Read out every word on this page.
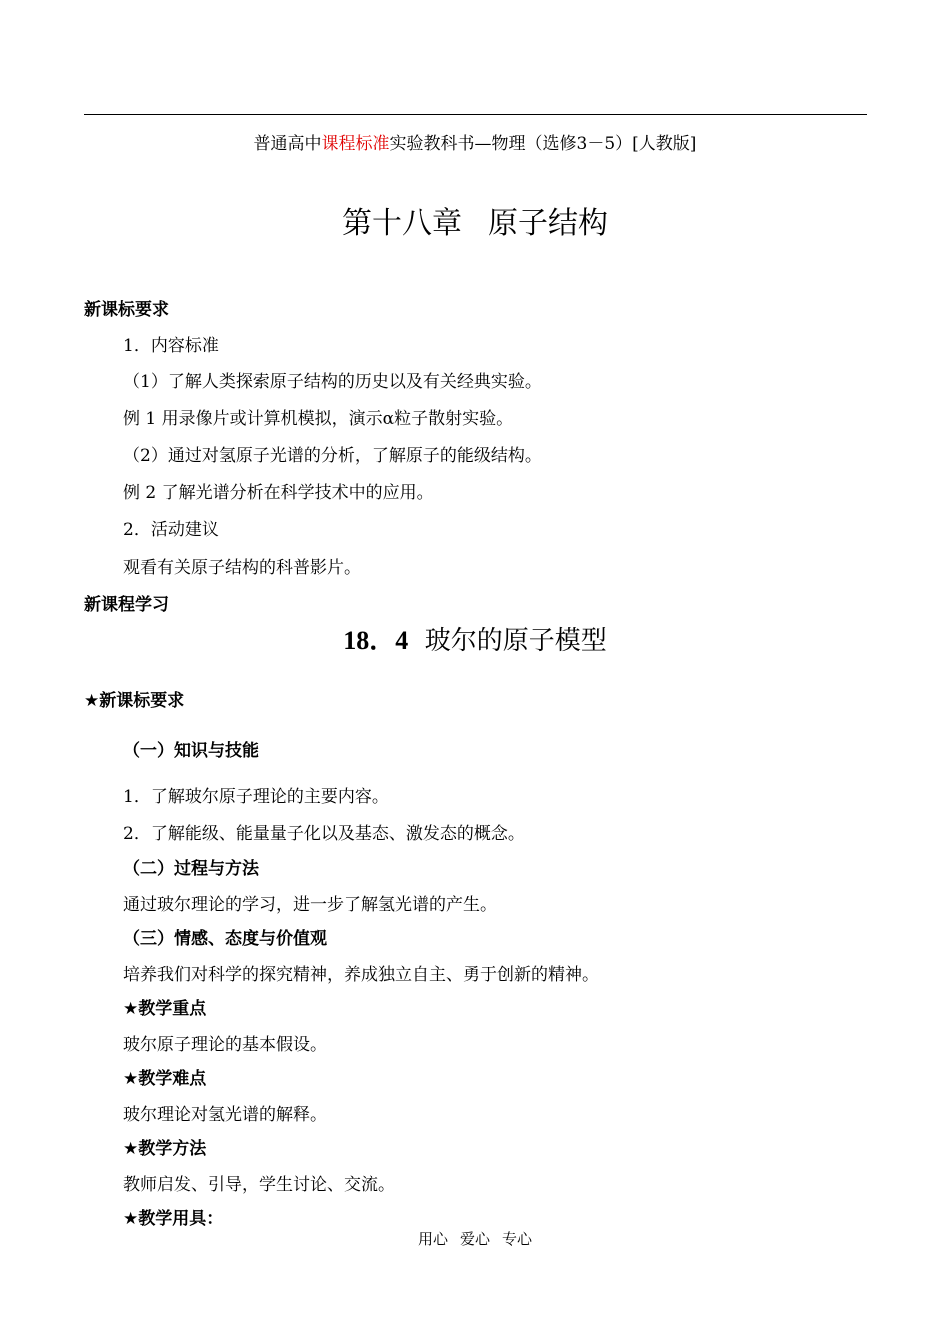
普通高中课程标准实验教科书—物理（选修3－5）[人教版]
第十八章 原子结构
新课标要求
1．内容标准
（1）了解人类探索原子结构的历史以及有关经典实验。
例 1 用录像片或计算机模拟，演示α粒子散射实验。
（2）通过对氢原子光谱的分析，了解原子的能级结构。
例 2 了解光谱分析在科学技术中的应用。
2．活动建议
观看有关原子结构的科普影片。
新课程学习
18．4 玻尔的原子模型
★新课标要求
（一）知识与技能
1．了解玻尔原子理论的主要内容。
2．了解能级、能量量子化以及基态、激发态的概念。
（二）过程与方法
通过玻尔理论的学习，进一步了解氢光谱的产生。
（三）情感、态度与价值观
培养我们对科学的探究精神，养成独立自主、勇于创新的精神。
★教学重点
玻尔原子理论的基本假设。
★教学难点
玻尔理论对氢光谱的解释。
★教学方法
教师启发、引导，学生讨论、交流。
★教学用具：
用心 爱心 专心
